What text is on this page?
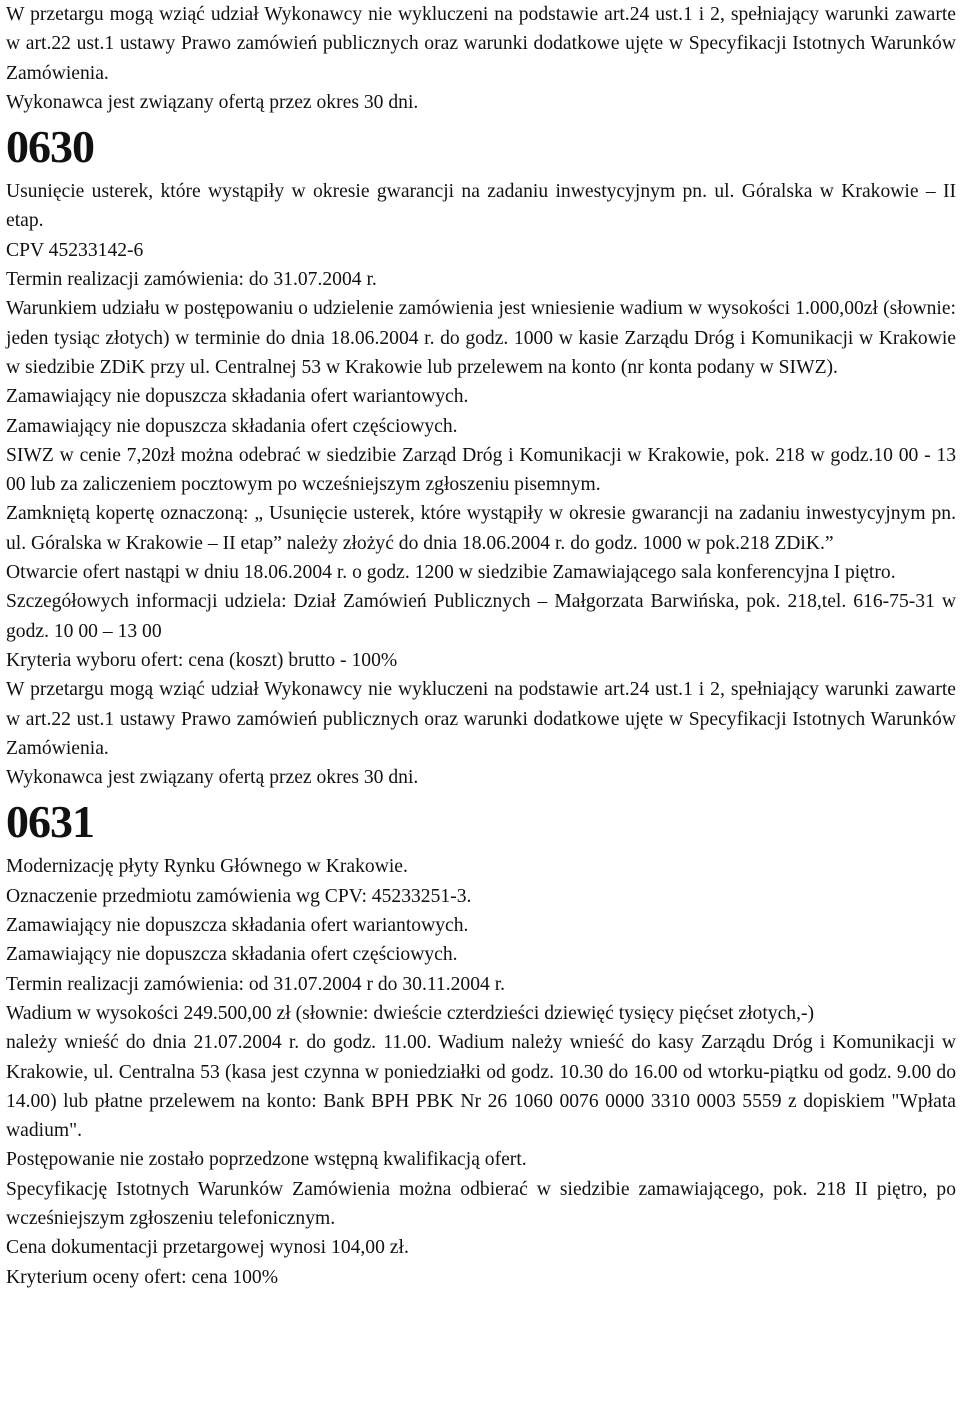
W przetargu mogą wziąć udział Wykonawcy nie wykluczeni na podstawie art.24 ust.1 i 2, spełniający warunki zawarte w art.22 ust.1 ustawy Prawo zamówień publicznych oraz warunki dodatkowe ujęte w Specyfikacji Istotnych Warunków Zamówienia.

Wykonawca jest związany ofertą przez okres 30 dni.

0630

Usunięcie usterek, które wystąpiły w okresie gwarancji na zadaniu inwestycyjnym pn. ul. Góralska w Krakowie – II etap.

CPV 45233142-6

Termin realizacji zamówienia: do 31.07.2004 r.

Warunkiem udziału w postępowaniu o udzielenie zamówienia jest wniesienie wadium w wysokości 1.000,00zł (słownie: jeden tysiąc złotych) w terminie do dnia 18.06.2004 r. do godz. 1000 w kasie Zarządu Dróg i Komunikacji w Krakowie w siedzibie ZDiK przy ul. Centralnej 53 w Krakowie lub przelewem na konto (nr konta podany w SIWZ).

Zamawiający nie dopuszcza składania ofert wariantowych.

Zamawiający nie dopuszcza składania ofert częściowych.

SIWZ w cenie 7,20zł można odebrać w siedzibie Zarząd Dróg i Komunikacji w Krakowie, pok. 218 w godz.10 00 - 13 00 lub za zaliczeniem pocztowym po wcześniejszym zgłoszeniu pisemnym.

Zamkniętą kopertę oznaczoną: „ Usunięcie usterek, które wystąpiły w okresie gwarancji na zadaniu inwestycyjnym pn. ul. Góralska w Krakowie – II etap” należy złożyć do dnia 18.06.2004 r. do godz. 1000 w pok.218 ZDiK.”

Otwarcie ofert nastąpi w dniu 18.06.2004 r. o godz. 1200 w siedzibie Zamawiającego sala konferencyjna I piętro.

Szczegółowych informacji udziela: Dział Zamówień Publicznych – Małgorzata Barwińska, pok. 218,tel. 616-75-31 w godz. 10 00 – 13 00

Kryteria wyboru ofert: cena (koszt) brutto - 100%

W przetargu mogą wziąć udział Wykonawcy nie wykluczeni na podstawie art.24 ust.1 i 2, spełniający warunki zawarte w art.22 ust.1 ustawy Prawo zamówień publicznych oraz warunki dodatkowe ujęte w Specyfikacji Istotnych Warunków Zamówienia.

Wykonawca jest związany ofertą przez okres 30 dni.

0631

Modernizację płyty Rynku Głównego w Krakowie.

Oznaczenie przedmiotu zamówienia wg CPV: 45233251-3.

Zamawiający nie dopuszcza składania ofert wariantowych.

Zamawiający nie dopuszcza składania ofert częściowych.

Termin realizacji zamówienia: od 31.07.2004 r do 30.11.2004 r.

Wadium w wysokości 249.500,00 zł (słownie: dwieście czterdzieści dziewięć tysięcy pięćset złotych,-)

należy wnieść do dnia 21.07.2004 r. do godz. 11.00. Wadium należy wnieść do kasy Zarządu Dróg i Komunikacji w Krakowie, ul. Centralna 53 (kasa jest czynna w poniedziałki od godz. 10.30 do 16.00 od wtorku-piątku od godz. 9.00 do 14.00) lub płatne przelewem na konto: Bank BPH PBK Nr 26 1060 0076 0000 3310 0003 5559 z dopiskiem "Wpłata wadium".

Postępowanie nie zostało poprzedzone wstępną kwalifikacją ofert.

Specyfikację Istotnych Warunków Zamówienia można odbierać w siedzibie zamawiającego, pok. 218 II piętro, po wcześniejszym zgłoszeniu telefonicznym.

Cena dokumentacji przetargowej wynosi 104,00 zł.

Kryterium oceny ofert: cena 100%
